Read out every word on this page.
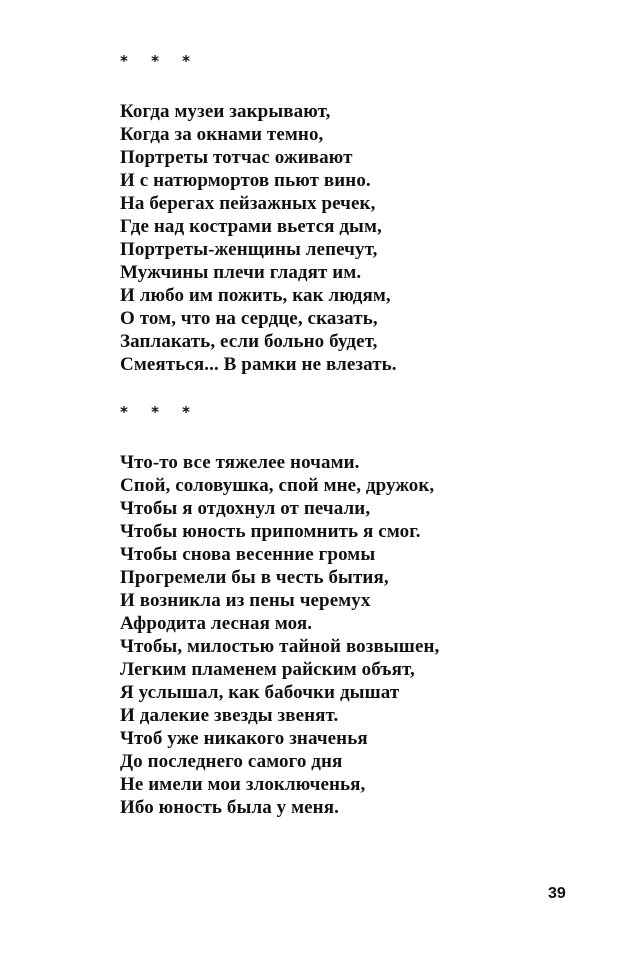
* * *
Когда музеи закрывают,
Когда за окнами темно,
Портреты тотчас оживают
И с натюрмортов пьют вино.
На берегах пейзажных речек,
Где над кострами вьется дым,
Портреты-женщины лепечут,
Мужчины плечи гладят им.
И любо им пожить, как людям,
О том, что на сердце, сказать,
Заплакать, если больно будет,
Смеяться... В рамки не влезать.
* * *
Что-то все тяжелее ночами.
Спой, соловушка, спой мне, дружок,
Чтобы я отдохнул от печали,
Чтобы юность припомнить я смог.
Чтобы снова весенние громы
Прогремели бы в честь бытия,
И возникла из пены черемух
Афродита лесная моя.
Чтобы, милостью тайной возвышен,
Легким пламенем райским объят,
Я услышал, как бабочки дышат
И далекие звезды звенят.
Чтоб уже никакого значенья
До последнего самого дня
Не имели мои злоключенья,
Ибо юность была у меня.
39
